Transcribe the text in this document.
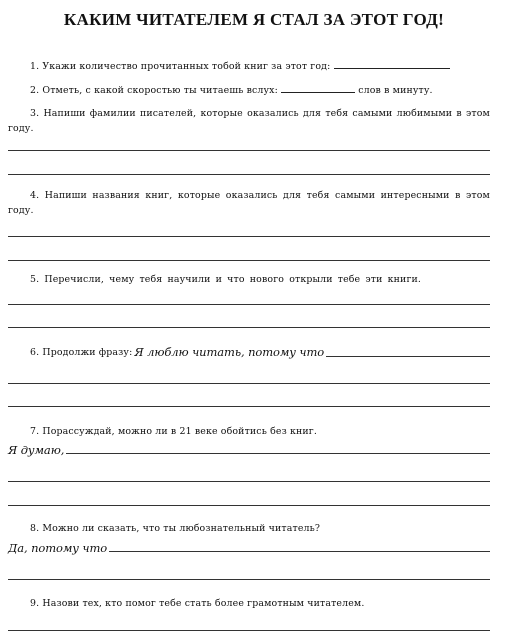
КАКИМ ЧИТАТЕЛЕМ Я СТАЛ ЗА ЭТОТ ГОД!
1. Укажи количество прочитанных тобой книг за этот год:
2. Отметь, с какой скоростью ты читаешь вслух:	слов в минуту.
3. Напиши фамилии писателей, которые оказались для тебя самыми любимыми в этом году.
4. Напиши названия книг, которые оказались для тебя самыми интересными в этом году.
5. Перечисли, чему тебя научили и что нового открыли тебе эти книги.
6. Продолжи фразу: Я люблю читать, потому что
7. Порассуждай, можно ли в 21 веке обойтись без книг.
Я думаю,
8. Можно ли сказать, что ты любознательный читатель?
Да, потому что
9. Назови тех, кто помог тебе стать более грамотным читателем.
